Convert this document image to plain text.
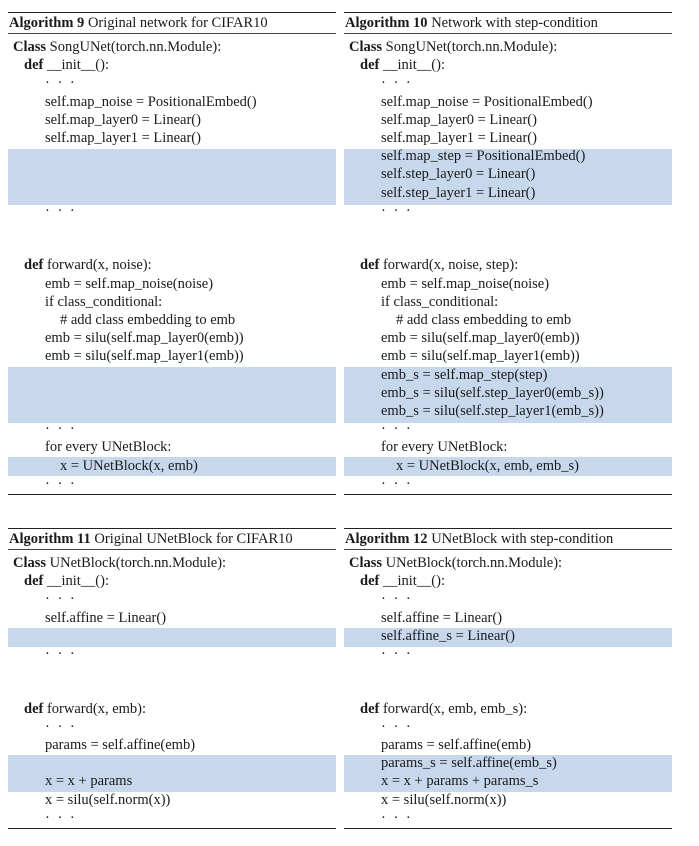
Algorithm 9 Original network for CIFAR10
Class SongUNet(torch.nn.Module):
def __init__():
· · ·
self.map_noise = PositionalEmbed()
self.map_layer0 = Linear()
self.map_layer1 = Linear()
· · ·
def forward(x, noise):
emb = self.map_noise(noise)
if class_conditional:
# add class embedding to emb
emb = silu(self.map_layer0(emb))
emb = silu(self.map_layer1(emb))
· · ·
for every UNetBlock:
x = UNetBlock(x, emb)
· · ·
Algorithm 10 Network with step-condition
Class SongUNet(torch.nn.Module):
def __init__():
· · ·
self.map_noise = PositionalEmbed()
self.map_layer0 = Linear()
self.map_layer1 = Linear()
self.map_step = PositionalEmbed()
self.step_layer0 = Linear()
self.step_layer1 = Linear()
· · ·
def forward(x, noise, step):
emb = self.map_noise(noise)
if class_conditional:
# add class embedding to emb
emb = silu(self.map_layer0(emb))
emb = silu(self.map_layer1(emb))
emb_s = self.map_step(step)
emb_s = silu(self.step_layer0(emb_s))
emb_s = silu(self.step_layer1(emb_s))
· · ·
for every UNetBlock:
x = UNetBlock(x, emb, emb_s)
· · ·
Algorithm 11 Original UNetBlock for CIFAR10
Class UNetBlock(torch.nn.Module):
def __init__():
· · ·
self.affine = Linear()
· · ·
def forward(x, emb):
· · ·
params = self.affine(emb)
x = x + params
x = silu(self.norm(x))
· · ·
Algorithm 12 UNetBlock with step-condition
Class UNetBlock(torch.nn.Module):
def __init__():
· · ·
self.affine = Linear()
self.affine_s = Linear()
· · ·
def forward(x, emb, emb_s):
· · ·
params = self.affine(emb)
params_s = self.affine(emb_s)
x = x + params + params_s
x = silu(self.norm(x))
· · ·
